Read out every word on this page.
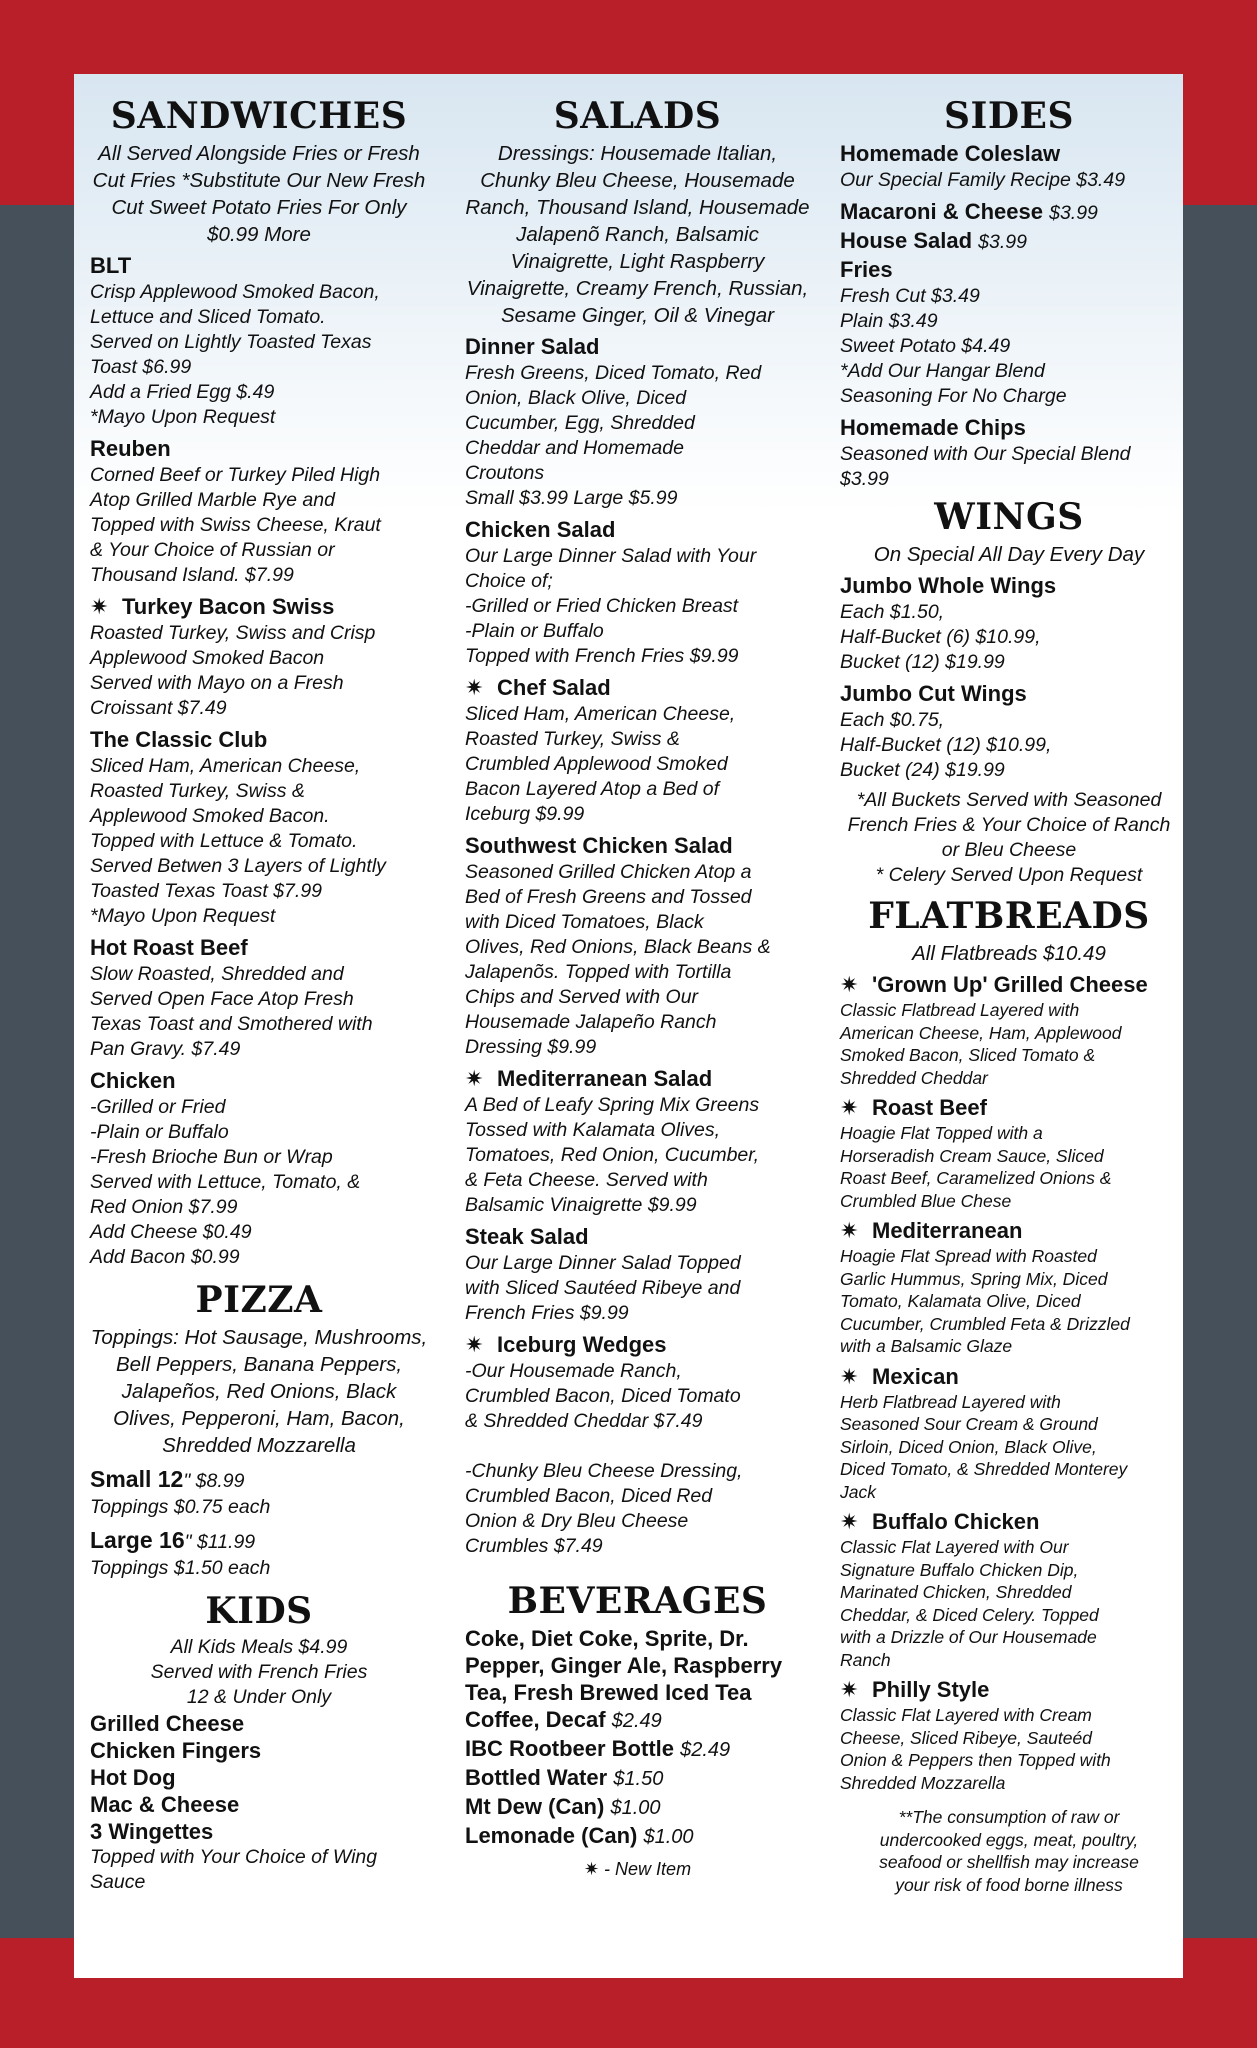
SANDWICHES
All Served Alongside Fries or Fresh Cut Fries *Substitute Our New Fresh Cut Sweet Potato Fries For Only $0.99 More
BLT
Crisp Applewood Smoked Bacon,
Lettuce and Sliced Tomato.
Served on Lightly Toasted Texas
Toast $6.99
Add a Fried Egg $.49
*Mayo Upon Request
Reuben
Corned Beef or Turkey Piled High
Atop Grilled Marble Rye and
Topped with Swiss Cheese, Kraut
& Your Choice of Russian or
Thousand Island. $7.99
✷ Turkey Bacon Swiss
Roasted Turkey, Swiss and Crisp
Applewood Smoked Bacon
Served with Mayo on a Fresh
Croissant $7.49
The Classic Club
Sliced Ham, American Cheese,
Roasted Turkey, Swiss &
Applewood Smoked Bacon.
Topped with Lettuce & Tomato.
Served Betwen 3 Layers of Lightly
Toasted Texas Toast $7.99
*Mayo Upon Request
Hot Roast Beef
Slow Roasted, Shredded and
Served Open Face Atop Fresh
Texas Toast and Smothered with
Pan Gravy. $7.49
Chicken
-Grilled or Fried
-Plain or Buffalo
-Fresh Brioche Bun or Wrap
Served with Lettuce, Tomato, &
Red Onion $7.99
Add Cheese $0.49
Add Bacon $0.99
PIZZA
Toppings: Hot Sausage, Mushrooms, Bell Peppers, Banana Peppers, Jalapeños, Red Onions, Black Olives, Pepperoni, Ham, Bacon, Shredded Mozzarella
Small 12" $8.99
Toppings $0.75 each
Large 16" $11.99
Toppings $1.50 each
KIDS
All Kids Meals $4.99
Served with French Fries
12 & Under Only
Grilled Cheese
Chicken Fingers
Hot Dog
Mac & Cheese
3 Wingettes
Topped with Your Choice of Wing Sauce
SALADS
Dressings: Housemade Italian, Chunky Bleu Cheese, Housemade Ranch, Thousand Island, Housemade Jalapenõ Ranch, Balsamic Vinaigrette, Light Raspberry Vinaigrette, Creamy French, Russian, Sesame Ginger, Oil & Vinegar
Dinner Salad
Fresh Greens, Diced Tomato, Red
Onion, Black Olive, Diced
Cucumber, Egg, Shredded
Cheddar and Homemade
Croutons
Small $3.99 Large $5.99
Chicken Salad
Our Large Dinner Salad with Your
Choice of;
-Grilled or Fried Chicken Breast
-Plain or Buffalo
Topped with French Fries $9.99
✷ Chef Salad
Sliced Ham, American Cheese,
Roasted Turkey, Swiss &
Crumbled Applewood Smoked
Bacon Layered Atop a Bed of
Iceburg $9.99
Southwest Chicken Salad
Seasoned Grilled Chicken Atop a
Bed of Fresh Greens and Tossed
with Diced Tomatoes, Black
Olives, Red Onions, Black Beans &
Jalapenõs. Topped with Tortilla
Chips and Served with Our
Housemade Jalapeño Ranch
Dressing $9.99
✷ Mediterranean Salad
A Bed of Leafy Spring Mix Greens
Tossed with Kalamata Olives,
Tomatoes, Red Onion, Cucumber,
& Feta Cheese. Served with
Balsamic Vinaigrette $9.99
Steak Salad
Our Large Dinner Salad Topped
with Sliced Sautéed Ribeye and
French Fries $9.99
✷ Iceburg Wedges
-Our Housemade Ranch,
Crumbled Bacon, Diced Tomato
& Shredded Cheddar $7.49

-Chunky Bleu Cheese Dressing,
Crumbled Bacon, Diced Red
Onion & Dry Bleu Cheese
Crumbles $7.49
BEVERAGES
Coke, Diet Coke, Sprite, Dr. Pepper, Ginger Ale, Raspberry Tea, Fresh Brewed Iced Tea
Coffee, Decaf $2.49
IBC Rootbeer Bottle $2.49
Bottled Water $1.50
Mt Dew (Can) $1.00
Lemonade (Can) $1.00
✷ - New Item
SIDES
Homemade Coleslaw
Our Special Family Recipe $3.49
Macaroni & Cheese $3.99
House Salad $3.99
Fries
Fresh Cut $3.49
Plain $3.49
Sweet Potato $4.49
*Add Our Hangar Blend
Seasoning For No Charge
Homemade Chips
Seasoned with Our Special Blend
$3.99
WINGS
On Special All Day Every Day
Jumbo Whole Wings
Each $1.50,
Half-Bucket (6) $10.99,
Bucket (12) $19.99
Jumbo Cut Wings
Each $0.75,
Half-Bucket (12) $10.99,
Bucket (24) $19.99
*All Buckets Served with Seasoned French Fries & Your Choice of Ranch or Bleu Cheese
* Celery Served Upon Request
FLATBREADS
All Flatbreads $10.49
✷ 'Grown Up' Grilled Cheese
Classic Flatbread Layered with
American Cheese, Ham, Applewood
Smoked Bacon, Sliced Tomato &
Shredded Cheddar
✷ Roast Beef
Hoagie Flat Topped with a
Horseradish Cream Sauce, Sliced
Roast Beef, Caramelized Onions &
Crumbled Blue Chese
✷ Mediterranean
Hoagie Flat Spread with Roasted
Garlic Hummus, Spring Mix, Diced
Tomato, Kalamata Olive, Diced
Cucumber, Crumbled Feta & Drizzled
with a Balsamic Glaze
✷ Mexican
Herb Flatbread Layered with
Seasoned Sour Cream & Ground
Sirloin, Diced Onion, Black Olive,
Diced Tomato, & Shredded Monterey
Jack
✷ Buffalo Chicken
Classic Flat Layered with Our
Signature Buffalo Chicken Dip,
Marinated Chicken, Shredded
Cheddar, & Diced Celery. Topped
with a Drizzle of Our Housemade
Ranch
✷ Philly Style
Classic Flat Layered with Cream
Cheese, Sliced Ribeye, Sauteéd
Onion & Peppers then Topped with
Shredded Mozzarella
**The consumption of raw or
undercooked eggs, meat, poultry,
seafood or shellfish may increase
your risk of food borne illness
